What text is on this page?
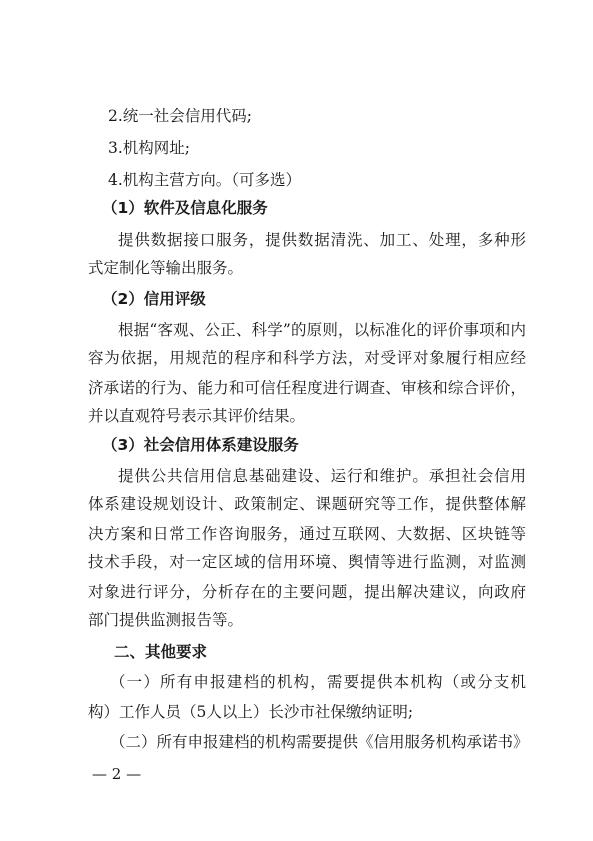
2.统一社会信用代码;
3.机构网址;
4.机构主营方向。（可多选）
（1）软件及信息化服务
提供数据接口服务，提供数据清洗、加工、处理，多种形
式定制化等输出服务。
（2）信用评级
根据“客观、公正、科学”的原则，以标准化的评价事项和内
容为依据，用规范的程序和科学方法，对受评对象履行相应经
济承诺的行为、能力和可信任程度进行调查、审核和综合评价，
并以直观符号表示其评价结果。
（3）社会信用体系建设服务
提供公共信用信息基础建设、运行和维护。承担社会信用
体系建设规划设计、政策制定、课题研究等工作，提供整体解
决方案和日常工作咨询服务，通过互联网、大数据、区块链等
技术手段，对一定区域的信用环境、舆情等进行监测，对监测
对象进行评分，分析存在的主要问题，提出解决建议，向政府
部门提供监测报告等。
二、其他要求
（一）所有申报建档的机构，需要提供本机构（或分支机
构）工作人员（5人以上）长沙市社保缴纳证明;
（二）所有申报建档的机构需要提供《信用服务机构承诺书》
— 2 —
